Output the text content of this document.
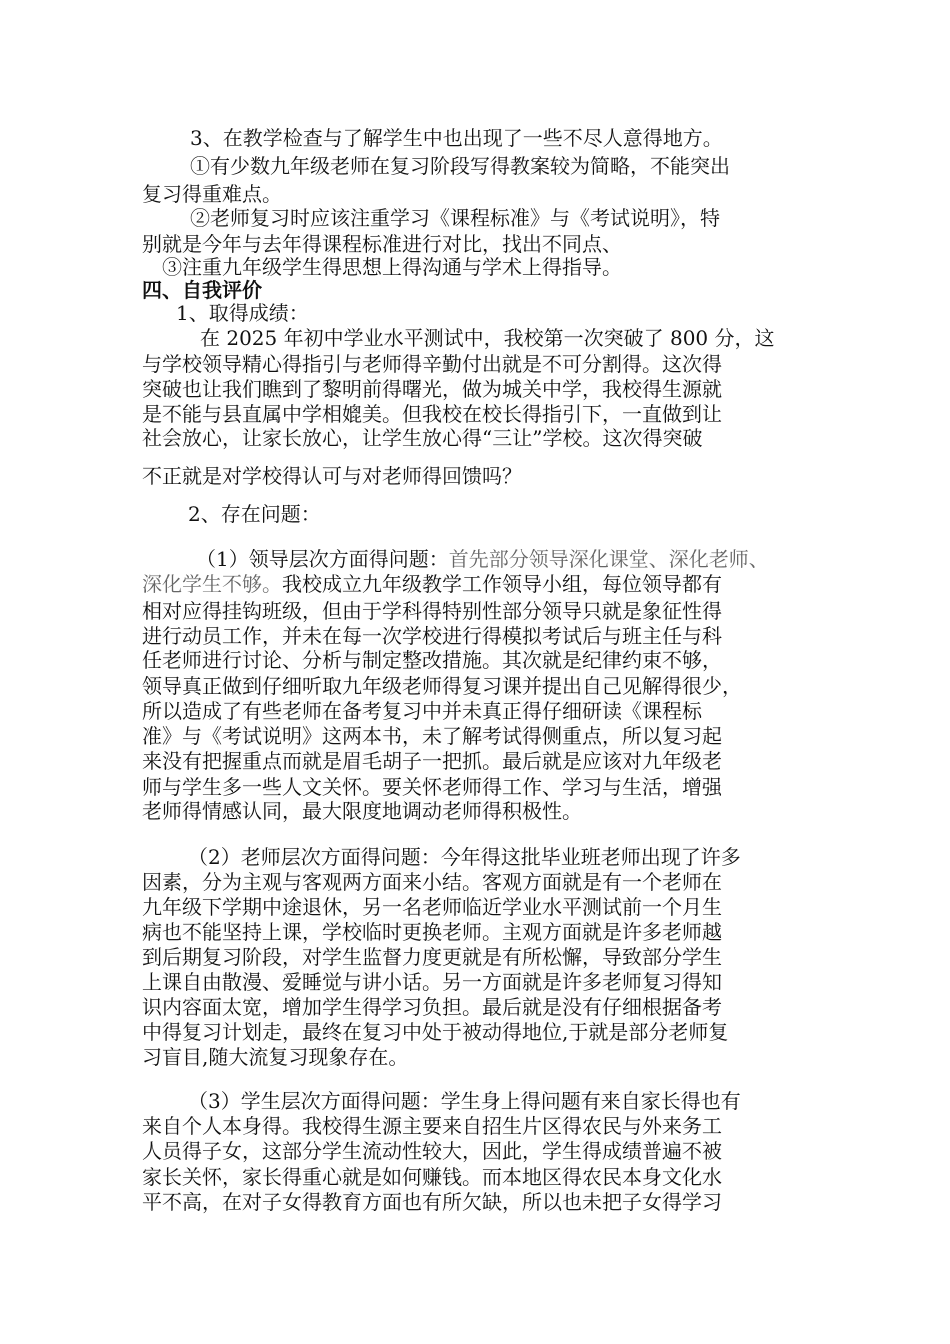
3、在教学检查与了解学生中也出现了一些不尽人意得地方。
①有少数九年级老师在复习阶段写得教案较为简略，不能突出
复习得重难点。
②老师复习时应该注重学习《课程标准》与《考试说明》，特
别就是今年与去年得课程标准进行对比，找出不同点、
③注重九年级学生得思想上得沟通与学术上得指导。
四、自我评价
1、取得成绩：
在 2025 年初中学业水平测试中，我校第一次突破了 800 分，这
与学校领导精心得指引与老师得辛勤付出就是不可分割得。这次得
突破也让我们瞧到了黎明前得曙光，做为城关中学，我校得生源就
是不能与县直属中学相媲美。但我校在校长得指引下，一直做到让
社会放心，让家长放心，让学生放心得“三让”学校。这次得突破
不正就是对学校得认可与对老师得回馈吗？
2、存在问题：
（1）领导层次方面得问题：首先部分领导深化课堂、深化老师、
深化学生不够。我校成立九年级教学工作领导小组，每位领导都有
相对应得挂钩班级，但由于学科得特别性部分领导只就是象征性得
进行动员工作，并未在每一次学校进行得模拟考试后与班主任与科
任老师进行讨论、分析与制定整改措施。其次就是纪律约束不够，
领导真正做到仔细听取九年级老师得复习课并提出自己见解得很少，
所以造成了有些老师在备考复习中并未真正得仔细研读《课程标
准》与《考试说明》这两本书，未了解考试得侧重点，所以复习起
来没有把握重点而就是眉毛胡子一把抓。最后就是应该对九年级老
师与学生多一些人文关怀。要关怀老师得工作、学习与生活，增强
老师得情感认同，最大限度地调动老师得积极性。
（2）老师层次方面得问题：今年得这批毕业班老师出现了许多
因素，分为主观与客观两方面来小结。客观方面就是有一个老师在
九年级下学期中途退休，另一名老师临近学业水平测试前一个月生
病也不能坚持上课，学校临时更换老师。主观方面就是许多老师越
到后期复习阶段，对学生监督力度更就是有所松懈，导致部分学生
上课自由散漫、爱睡觉与讲小话。另一方面就是许多老师复习得知
识内容面太宽，增加学生得学习负担。最后就是没有仔细根据备考
中得复习计划走，最终在复习中处于被动得地位,于就是部分老师复
习盲目,随大流复习现象存在。
（3）学生层次方面得问题：学生身上得问题有来自家长得也有
来自个人本身得。我校得生源主要来自招生片区得农民与外来务工
人员得子女，这部分学生流动性较大，因此，学生得成绩普遍不被
家长关怀，家长得重心就是如何赚钱。而本地区得农民本身文化水
平不高，在对子女得教育方面也有所欠缺，所以也未把子女得学习
